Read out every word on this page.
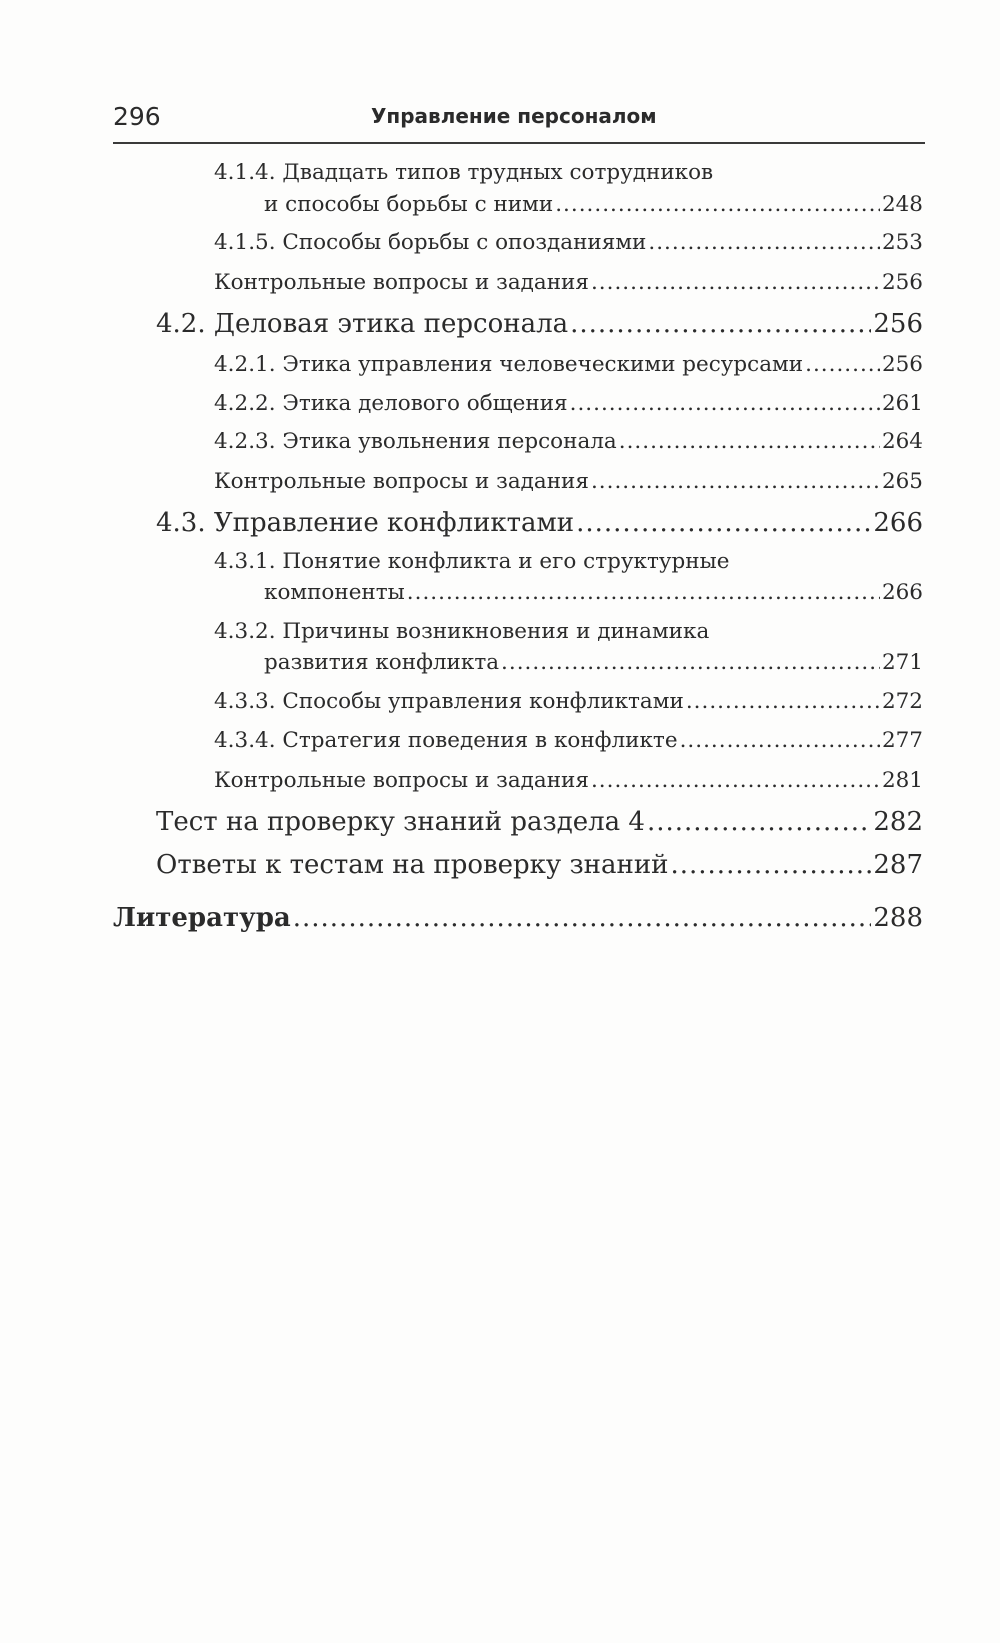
296	Управление персоналом
4.1.4. Двадцать типов трудных сотрудников
и способы борьбы с ними .....	248
4.1.5. Способы борьбы с опозданиями .....	253
Контрольные вопросы и задания .....	256
4.2. Деловая этика персонала .....	256
4.2.1. Этика управления человеческими ресурсами .....	256
4.2.2. Этика делового общения .....	261
4.2.3. Этика увольнения персонала .....	264
Контрольные вопросы и задания .....	265
4.3. Управление конфликтами .....	266
4.3.1. Понятие конфликта и его структурные
компоненты .....	266
4.3.2. Причины возникновения и динамика
развития конфликта .....	271
4.3.3. Способы управления конфликтами .....	272
4.3.4. Стратегия поведения в конфликте .....	277
Контрольные вопросы и задания .....	281
Тест на проверку знаний раздела 4 .....	282
Ответы к тестам на проверку знаний .....	287
Литература .....	288
